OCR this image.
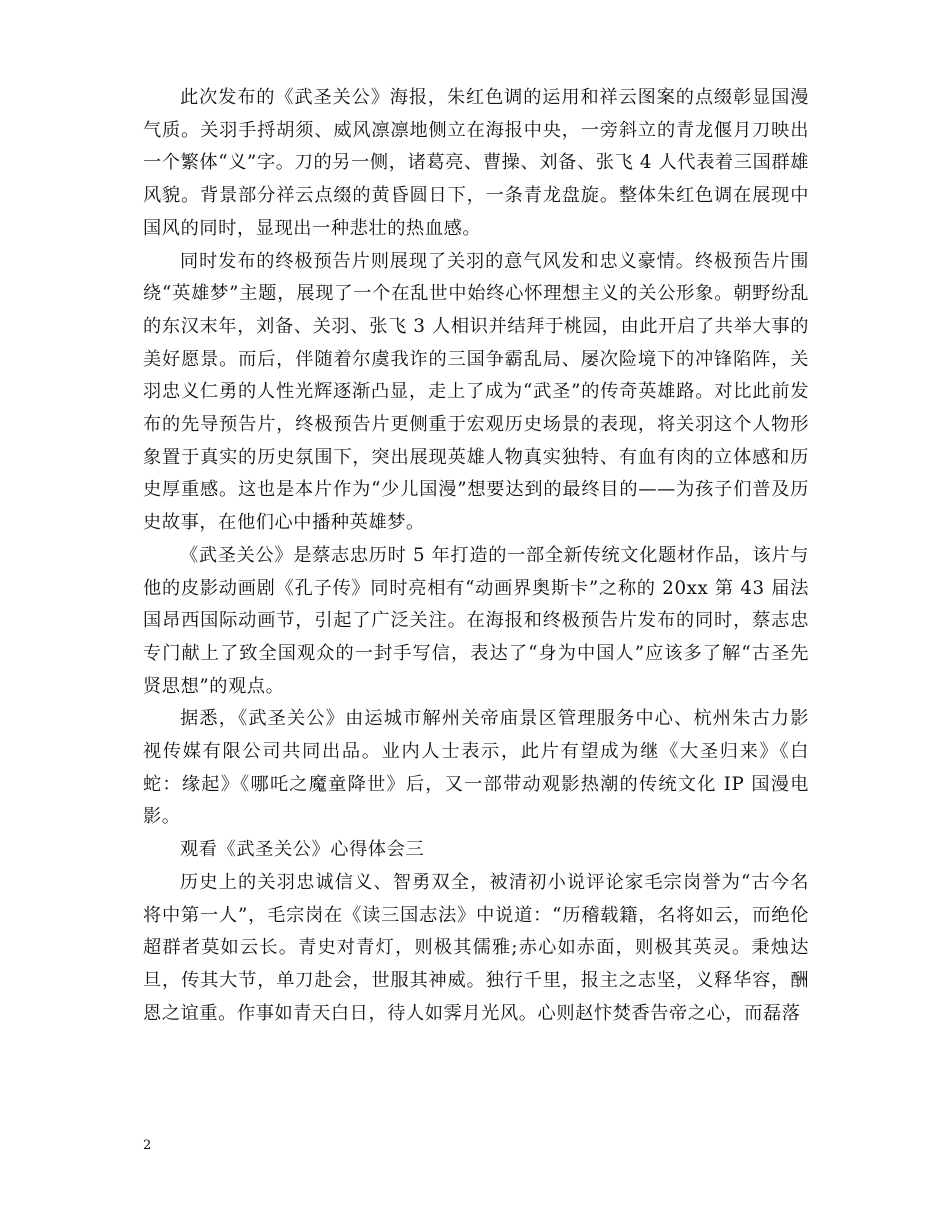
此次发布的《武圣关公》海报，朱红色调的运用和祥云图案的点缀彰显国漫气质。关羽手捋胡须、威风凛凛地侧立在海报中央，一旁斜立的青龙偃月刀映出一个繁体“义”字。刀的另一侧，诸葛亮、曹操、刘备、张飞 4 人代表着三国群雄风貌。背景部分祥云点缀的黄昏圆日下，一条青龙盘旋。整体朱红色调在展现中国风的同时，显现出一种悲壮的热血感。

同时发布的终极预告片则展现了关羽的意气风发和忠义豪情。终极预告片围绕“英雄梦”主题，展现了一个在乱世中始终心怀理想主义的关公形象。朝野纷乱的东汉末年，刘备、关羽、张飞 3 人相识并结拜于桃园，由此开启了共举大事的美好愿景。而后，伴随着尔虞我诈的三国争霸乱局、屡次险境下的冲锋陷阵，关羽忠义仁勇的人性光辉逐渐凸显，走上了成为“武圣”的传奇英雄路。对比此前发布的先导预告片，终极预告片更侧重于宏观历史场景的表现，将关羽这个人物形象置于真实的历史氛围下，突出展现英雄人物真实独特、有血有肉的立体感和历史厚重感。这也是本片作为“少儿国漫”想要达到的最终目的——为孩子们普及历史故事，在他们心中播种英雄梦。

《武圣关公》是蔡志忠历时 5 年打造的一部全新传统文化题材作品，该片与他的皮影动画剧《孔子传》同时亮相有“动画界奥斯卡”之称的 20xx 第 43 届法国昂西国际动画节，引起了广泛关注。在海报和终极预告片发布的同时，蔡志忠专门献上了致全国观众的一封手写信，表达了“身为中国人”应该多了解“古圣先贤思想”的观点。

据悉，《武圣关公》由运城市解州关帝庙景区管理服务中心、杭州朱古力影视传媒有限公司共同出品。业内人士表示，此片有望成为继《大圣归来》《白蛇：缘起》《哪吒之魔童降世》后，又一部带动观影热潮的传统文化 IP 国漫电影。

观看《武圣关公》心得体会三

历史上的关羽忠诚信义、智勇双全，被清初小说评论家毛宗岗誉为“古今名将中第一人”，毛宗岗在《读三国志法》中说道：“历稽载籍，名将如云，而绝伦超群者莫如云长。青史对青灯，则极其儒雅;赤心如赤面，则极其英灵。秉烛达旦，传其大节，单刀赴会，世服其神威。独行千里，报主之志坚，义释华容，酬恩之谊重。作事如青天白日，待人如霁月光风。心则赵忭焚香告帝之心，而磊落

2
